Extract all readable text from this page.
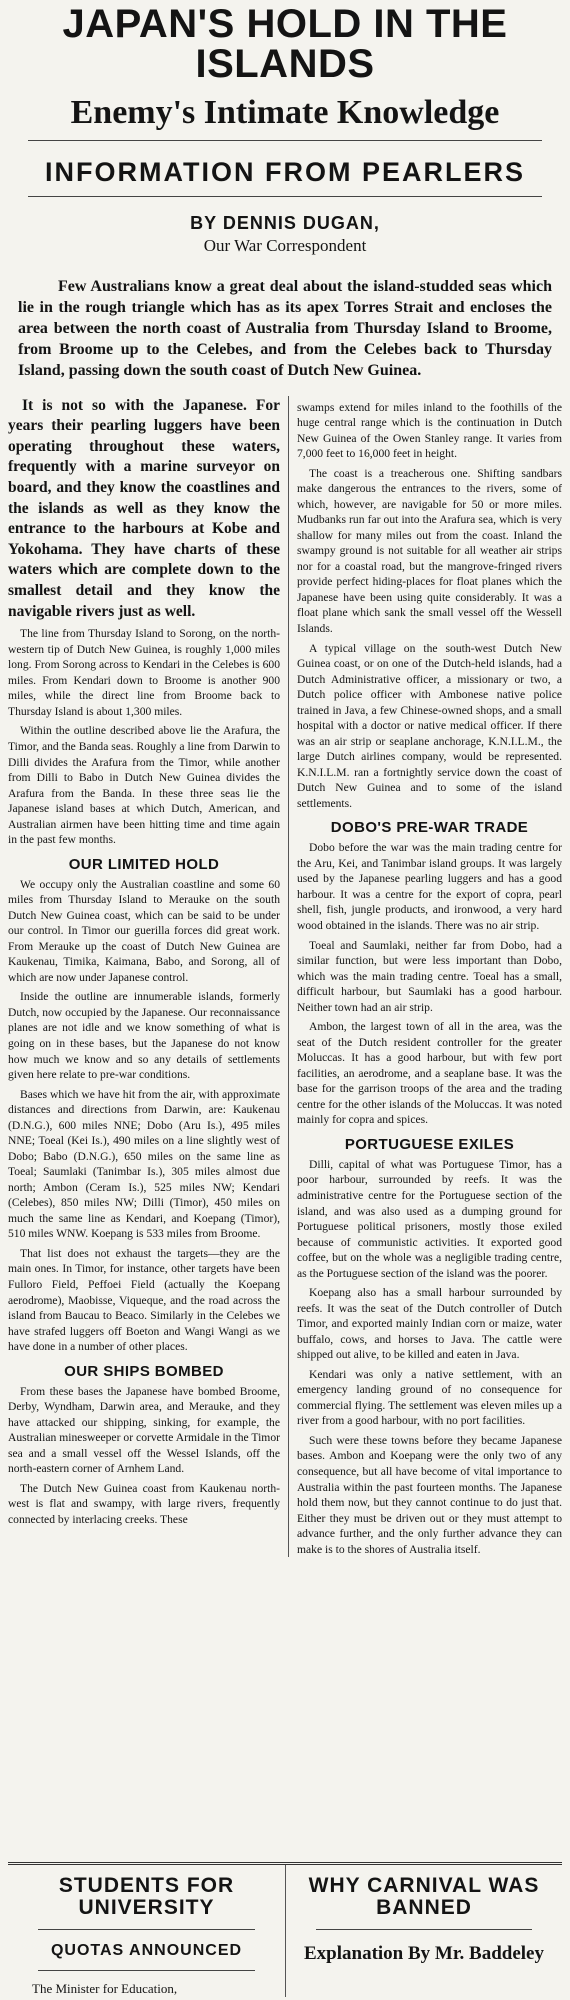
JAPAN'S HOLD IN THE ISLANDS
Enemy's Intimate Knowledge
INFORMATION FROM PEARLERS
BY DENNIS DUGAN,
Our War Correspondent

Few Australians know a great deal about the island-studded seas which lie in the rough triangle which has as its apex Torres Strait and encloses the area between the north coast of Australia from Thursday Island to Broome, from Broome up to the Celebes, and from the Celebes back to Thursday Island, passing down the south coast of Dutch New Guinea.

It is not so with the Japanese. For years their pearling luggers have been operating throughout these waters, frequently with a marine surveyor on board, and they know the coastlines and the islands as well as they know the entrance to the harbours at Kobe and Yokohama. They have charts of these waters which are complete down to the smallest detail and they know the navigable rivers just as well.

The line from Thursday Island to Sorong, on the north-western tip of Dutch New Guinea, is roughly 1,000 miles long. From Sorong across to Kendari in the Celebes is 600 miles. From Kendari down to Broome is another 900 miles, while the direct line from Broome back to Thursday Island is about 1,300 miles.

Within the outline described above lie the Arafura, the Timor, and the Banda seas. Roughly a line from Darwin to Dilli divides the Arafura from the Timor, while another from Dilli to Babo in Dutch New Guinea divides the Arafura from the Banda. In these three seas lie the Japanese island bases at which Dutch, American, and Australian airmen have been hitting time and time again in the past few months.

OUR LIMITED HOLD

We occupy only the Australian coastline and some 60 miles from Thursday Island to Merauke on the south Dutch New Guinea coast, which can be said to be under our control. In Timor our guerilla forces did great work. From Merauke up the coast of Dutch New Guinea are Kaukenau, Timika, Kaimana, Babo, and Sorong, all of which are now under Japanese control.

Inside the outline are innumerable islands, formerly Dutch, now occupied by the Japanese. Our reconnaissance planes are not idle and we know something of what is going on in these bases, but the Japanese do not know how much we know and so any details of settlements given here relate to pre-war conditions.

Bases which we have hit from the air, with approximate distances and directions from Darwin, are: Kaukenau (D.N.G.), 600 miles NNE; Dobo (Aru Is.), 495 miles NNE; Toeal (Kei Is.), 490 miles on a line slightly west of Dobo; Babo (D.N.G.), 650 miles on the same line as Toeal; Saumlaki (Tanimbar Is.), 305 miles almost due north; Ambon (Ceram Is.), 525 miles NW; Kendari (Celebes), 850 miles NW; Dilli (Timor), 450 miles on much the same line as Kendari, and Koepang (Timor), 510 miles WNW. Koepang is 533 miles from Broome.

That list does not exhaust the targets—they are the main ones. In Timor, for instance, other targets have been Fulloro Field, Peffoei Field (actually the Koepang aerodrome), Maobisse, Viqueque, and the road across the island from Baucau to Beaco. Similarly in the Celebes we have strafed luggers off Boeton and Wangi Wangi as we have done in a number of other places.

OUR SHIPS BOMBED

From these bases the Japanese have bombed Broome, Derby, Wyndham, Darwin area, and Merauke, and they have attacked our shipping, sinking, for example, the Australian minesweeper or corvette Armidale in the Timor sea and a small vessel off the Wessel Islands, off the north-eastern corner of Arnhem Land.

The Dutch New Guinea coast from Kaukenau north-west is flat and swampy, with large rivers, frequently connected by interlacing creeks. These

swamps extend for miles inland to the foothills of the huge central range which is the continuation in Dutch New Guinea of the Owen Stanley range. It varies from 7,000 feet to 16,000 feet in height.

The coast is a treacherous one. Shifting sandbars make dangerous the entrances to the rivers, some of which, however, are navigable for 50 or more miles. Mudbanks run far out into the Arafura sea, which is very shallow for many miles out from the coast. Inland the swampy ground is not suitable for all weather air strips nor for a coastal road, but the mangrove-fringed rivers provide perfect hiding-places for float planes which the Japanese have been using quite considerably. It was a float plane which sank the small vessel off the Wessell Islands.

A typical village on the south-west Dutch New Guinea coast, or on one of the Dutch-held islands, had a Dutch Administrative officer, a missionary or two, a Dutch police officer with Ambonese native police trained in Java, a few Chinese-owned shops, and a small hospital with a doctor or native medical officer. If there was an air strip or seaplane anchorage, K.N.I.L.M., the large Dutch airlines company, would be represented. K.N.I.L.M. ran a fortnightly service down the coast of Dutch New Guinea and to some of the island settlements.

DOBO'S PRE-WAR TRADE

Dobo before the war was the main trading centre for the Aru, Kei, and Tanimbar island groups. It was largely used by the Japanese pearling luggers and has a good harbour. It was a centre for the export of copra, pearl shell, fish, jungle products, and ironwood, a very hard wood obtained in the islands. There was no air strip.

Toeal and Saumlaki, neither far from Dobo, had a similar function, but were less important than Dobo, which was the main trading centre. Toeal has a small, difficult harbour, but Saumlaki has a good harbour. Neither town had an air strip.

Ambon, the largest town of all in the area, was the seat of the Dutch resident controller for the greater Moluccas. It has a good harbour, but with few port facilities, an aerodrome, and a seaplane base. It was the base for the garrison troops of the area and the trading centre for the other islands of the Moluccas. It was noted mainly for copra and spices.

PORTUGUESE EXILES

Dilli, capital of what was Portuguese Timor, has a poor harbour, surrounded by reefs. It was the administrative centre for the Portuguese section of the island, and was also used as a dumping ground for Portuguese political prisoners, mostly those exiled because of communistic activities. It exported good coffee, but on the whole was a negligible trading centre, as the Portuguese section of the island was the poorer.

Koepang also has a small harbour surrounded by reefs. It was the seat of the Dutch controller of Dutch Timor, and exported mainly Indian corn or maize, water buffalo, cows, and horses to Java. The cattle were shipped out alive, to be killed and eaten in Java.

Kendari was only a native settlement, with an emergency landing ground of no consequence for commercial flying. The settlement was eleven miles up a river from a good harbour, with no port facilities.

Such were these towns before they became Japanese bases. Ambon and Koepang were the only two of any consequence, but all have become of vital importance to Australia within the past fourteen months. The Japanese hold them now, but they cannot continue to do just that. Either they must be driven out or they must attempt to advance further, and the only further advance they can make is to the shores of Australia itself.

STUDENTS FOR UNIVERSITY
QUOTAS ANNOUNCED
The Minister for Education,
WHY CARNIVAL WAS BANNED
Explanation By Mr. Baddeley
